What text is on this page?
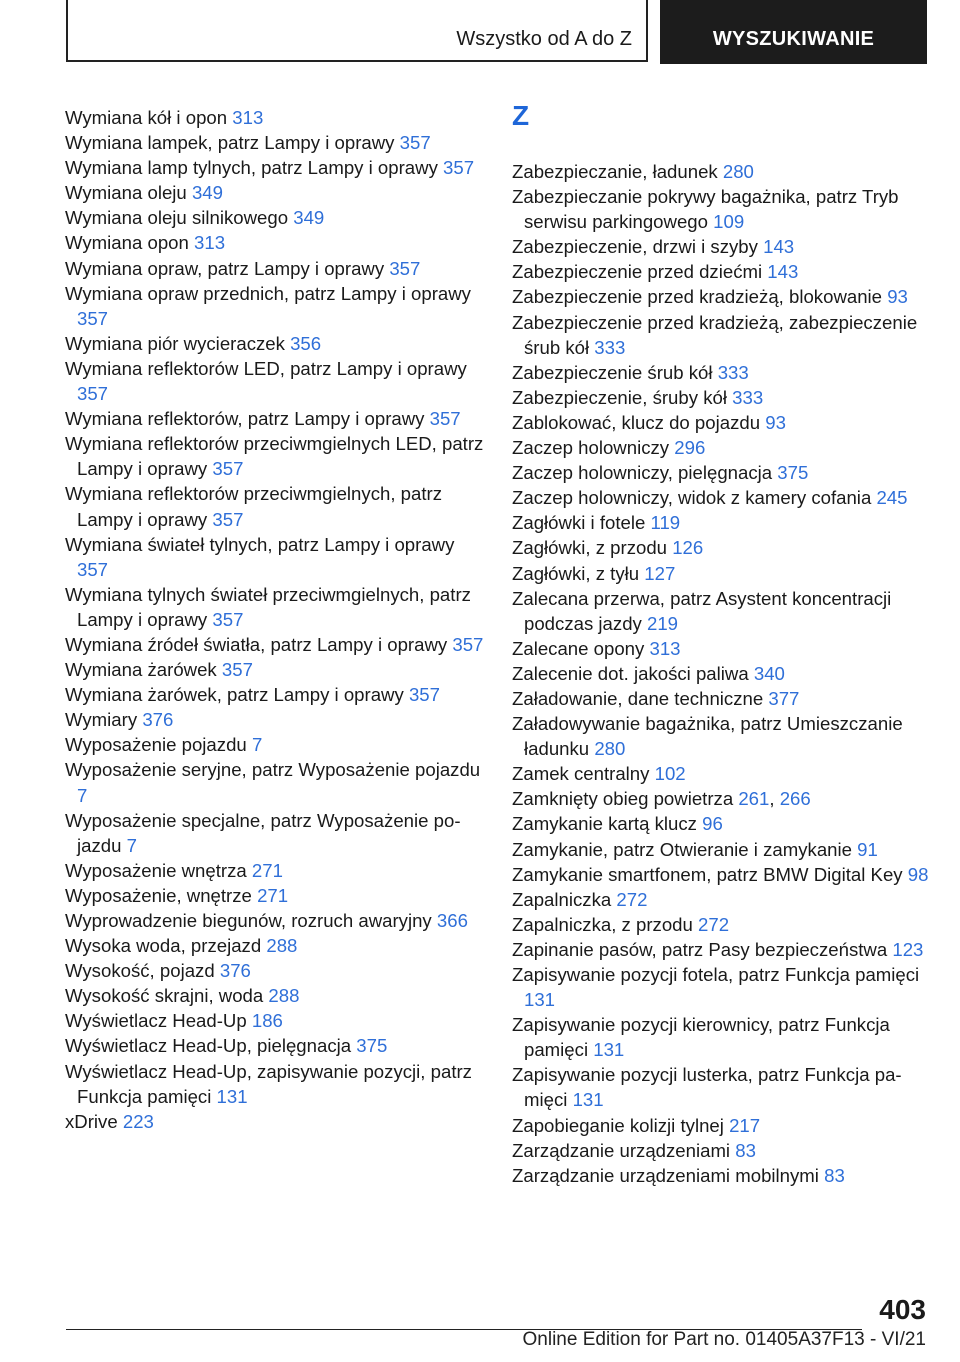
Wszystko od A do Z	WYSZUKIWANIE
Wymiana kół i opon 313
Wymiana lampek, patrz Lampy i oprawy 357
Wymiana lamp tylnych, patrz Lampy i oprawy 357
Wymiana oleju 349
Wymiana oleju silnikowego 349
Wymiana opon 313
Wymiana opraw, patrz Lampy i oprawy 357
Wymiana opraw przednich, patrz Lampy i oprawy 357
Wymiana piór wycieraczek 356
Wymiana reflektorów LED, patrz Lampy i oprawy 357
Wymiana reflektorów, patrz Lampy i oprawy 357
Wymiana reflektorów przeciwmgielnych LED, patrz Lampy i oprawy 357
Wymiana reflektorów przeciwmgielnych, patrz Lampy i oprawy 357
Wymiana świateł tylnych, patrz Lampy i oprawy 357
Wymiana tylnych świateł przeciwmgielnych, patrz Lampy i oprawy 357
Wymiana źródeł światła, patrz Lampy i oprawy 357
Wymiana żarówek 357
Wymiana żarówek, patrz Lampy i oprawy 357
Wymiary 376
Wyposażenie pojazdu 7
Wyposażenie seryjne, patrz Wyposażenie pojazdu 7
Wyposażenie specjalne, patrz Wyposażenie pojazdu 7
Wyposażenie wnętrza 271
Wyposażenie, wnętrze 271
Wyprowadzenie biegunów, rozruch awaryjny 366
Wysoka woda, przejazd 288
Wysokość, pojazd 376
Wysokość skrajni, woda 288
Wyświetlacz Head-Up 186
Wyświetlacz Head-Up, pielęgnacja 375
Wyświetlacz Head-Up, zapisywanie pozycji, patrz Funkcja pamięci 131
xDrive 223
Z
Zabezpieczanie, ładunek 280
Zabezpieczanie pokrywy bagażnika, patrz Tryb serwisu parkingowego 109
Zabezpieczenie, drzwi i szyby 143
Zabezpieczenie przed dziećmi 143
Zabezpieczenie przed kradzieżą, blokowanie 93
Zabezpieczenie przed kradzieżą, zabezpieczenie śrub kół 333
Zabezpieczenie śrub kół 333
Zabezpieczenie, śruby kół 333
Zablokować, klucz do pojazdu 93
Zaczep holowniczy 296
Zaczep holowniczy, pielęgnacja 375
Zaczep holowniczy, widok z kamery cofania 245
Zagłówki i fotele 119
Zagłówki, z przodu 126
Zagłówki, z tyłu 127
Zalecana przerwa, patrz Asystent koncentracji podczas jazdy 219
Zalecane opony 313
Zalecenie dot. jakości paliwa 340
Załadowanie, dane techniczne 377
Załadowywanie bagażnika, patrz Umieszczanie ładunku 280
Zamek centralny 102
Zamknięty obieg powietrza 261, 266
Zamykanie kartą klucz 96
Zamykanie, patrz Otwieranie i zamykanie 91
Zamykanie smartfonem, patrz BMW Digital Key 98
Zapalniczka 272
Zapalniczka, z przodu 272
Zapinanie pasów, patrz Pasy bezpieczeństwa 123
Zapisywanie pozycji fotela, patrz Funkcja pamięci 131
Zapisywanie pozycji kierownicy, patrz Funkcja pamięci 131
Zapisywanie pozycji lusterka, patrz Funkcja pamięci 131
Zapobieganie kolizji tylnej 217
Zarządzanie urządzeniami 83
Zarządzanie urządzeniami mobilnymi 83
403
Online Edition for Part no. 01405A37F13 - VI/21
